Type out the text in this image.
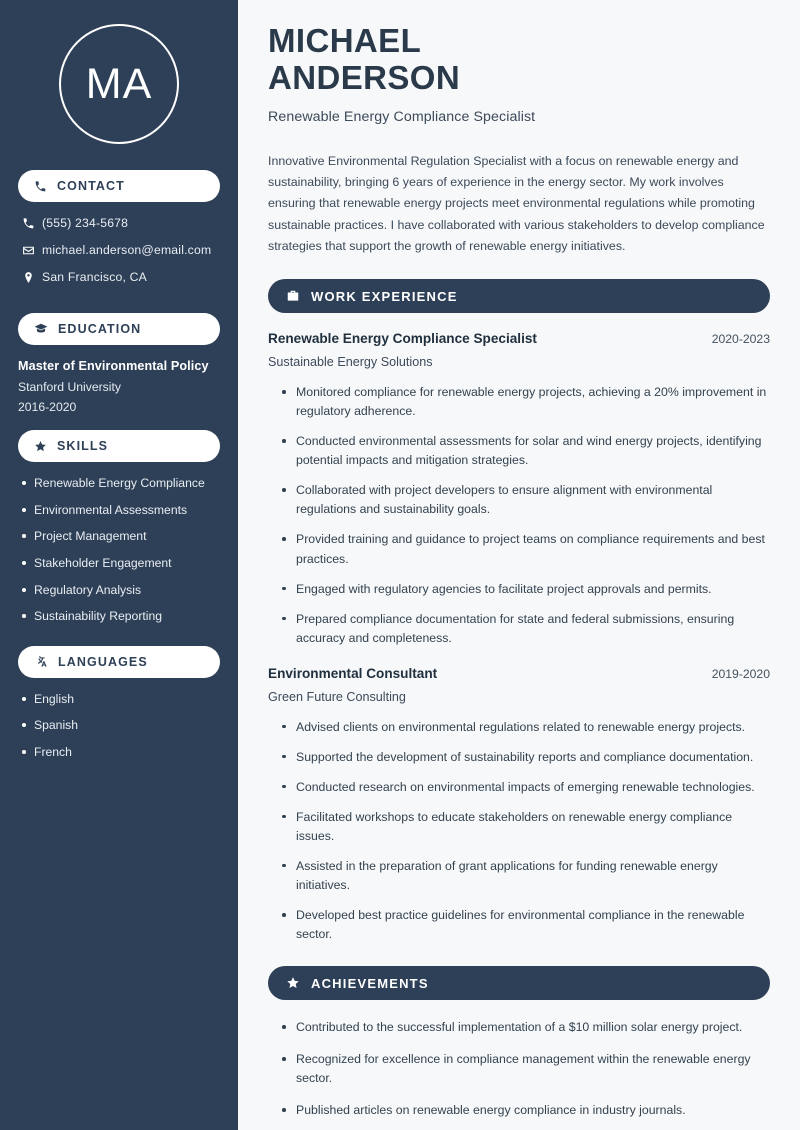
MA
CONTACT
(555) 234-5678
michael.anderson@email.com
San Francisco, CA
EDUCATION
Master of Environmental Policy
Stanford University
2016-2020
SKILLS
Renewable Energy Compliance
Environmental Assessments
Project Management
Stakeholder Engagement
Regulatory Analysis
Sustainability Reporting
LANGUAGES
English
Spanish
French
MICHAEL
ANDERSON
Renewable Energy Compliance Specialist

Innovative Environmental Regulation Specialist with a focus on renewable energy and sustainability, bringing 6 years of experience in the energy sector. My work involves ensuring that renewable energy projects meet environmental regulations while promoting sustainable practices. I have collaborated with various stakeholders to develop compliance strategies that support the growth of renewable energy initiatives.

WORK EXPERIENCE
Renewable Energy Compliance Specialist	2020-2023
Sustainable Energy Solutions
Monitored compliance for renewable energy projects, achieving a 20% improvement in regulatory adherence.
Conducted environmental assessments for solar and wind energy projects, identifying potential impacts and mitigation strategies.
Collaborated with project developers to ensure alignment with environmental regulations and sustainability goals.
Provided training and guidance to project teams on compliance requirements and best practices.
Engaged with regulatory agencies to facilitate project approvals and permits.
Prepared compliance documentation for state and federal submissions, ensuring accuracy and completeness.
Environmental Consultant	2019-2020
Green Future Consulting
Advised clients on environmental regulations related to renewable energy projects.
Supported the development of sustainability reports and compliance documentation.
Conducted research on environmental impacts of emerging renewable technologies.
Facilitated workshops to educate stakeholders on renewable energy compliance issues.
Assisted in the preparation of grant applications for funding renewable energy initiatives.
Developed best practice guidelines for environmental compliance in the renewable sector.
ACHIEVEMENTS
Contributed to the successful implementation of a $10 million solar energy project.
Recognized for excellence in compliance management within the renewable energy sector.
Published articles on renewable energy compliance in industry journals.
